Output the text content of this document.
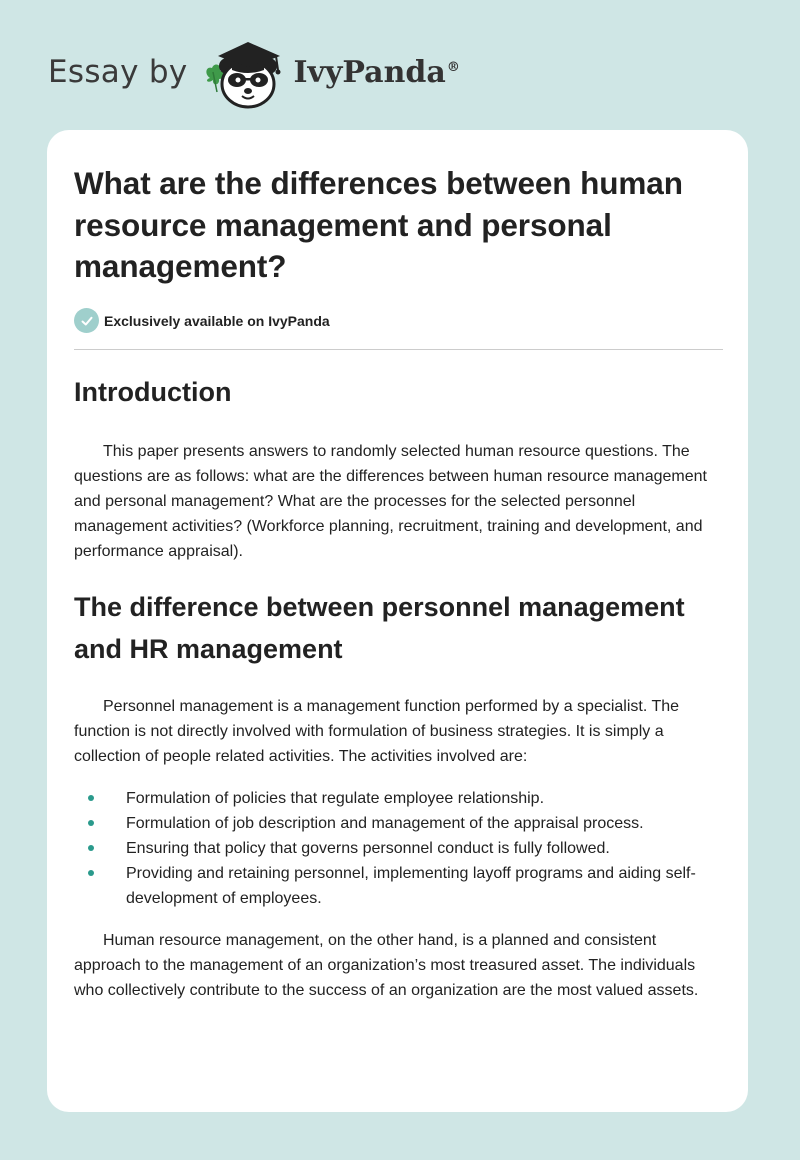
Essay by	IvyPanda®
What are the differences between human resource management and personal management?
Exclusively available on IvyPanda
Introduction

This paper presents answers to randomly selected human resource questions. The questions are as follows: what are the differences between human resource management and personal management? What are the processes for the selected personnel management activities? (Workforce planning, recruitment, training and development, and performance appraisal).

The difference between personnel management and HR management

Personnel management is a management function performed by a specialist. The function is not directly involved with formulation of business strategies. It is simply a collection of people related activities. The activities involved are:

Formulation of policies that regulate employee relationship.
Formulation of job description and management of the appraisal process.
Ensuring that policy that governs personnel conduct is fully followed.
Providing and retaining personnel, implementing layoff programs and aiding self-development of employees.

Human resource management, on the other hand, is a planned and consistent approach to the management of an organization’s most treasured asset. The individuals who collectively contribute to the success of an organization are the most valued assets.
